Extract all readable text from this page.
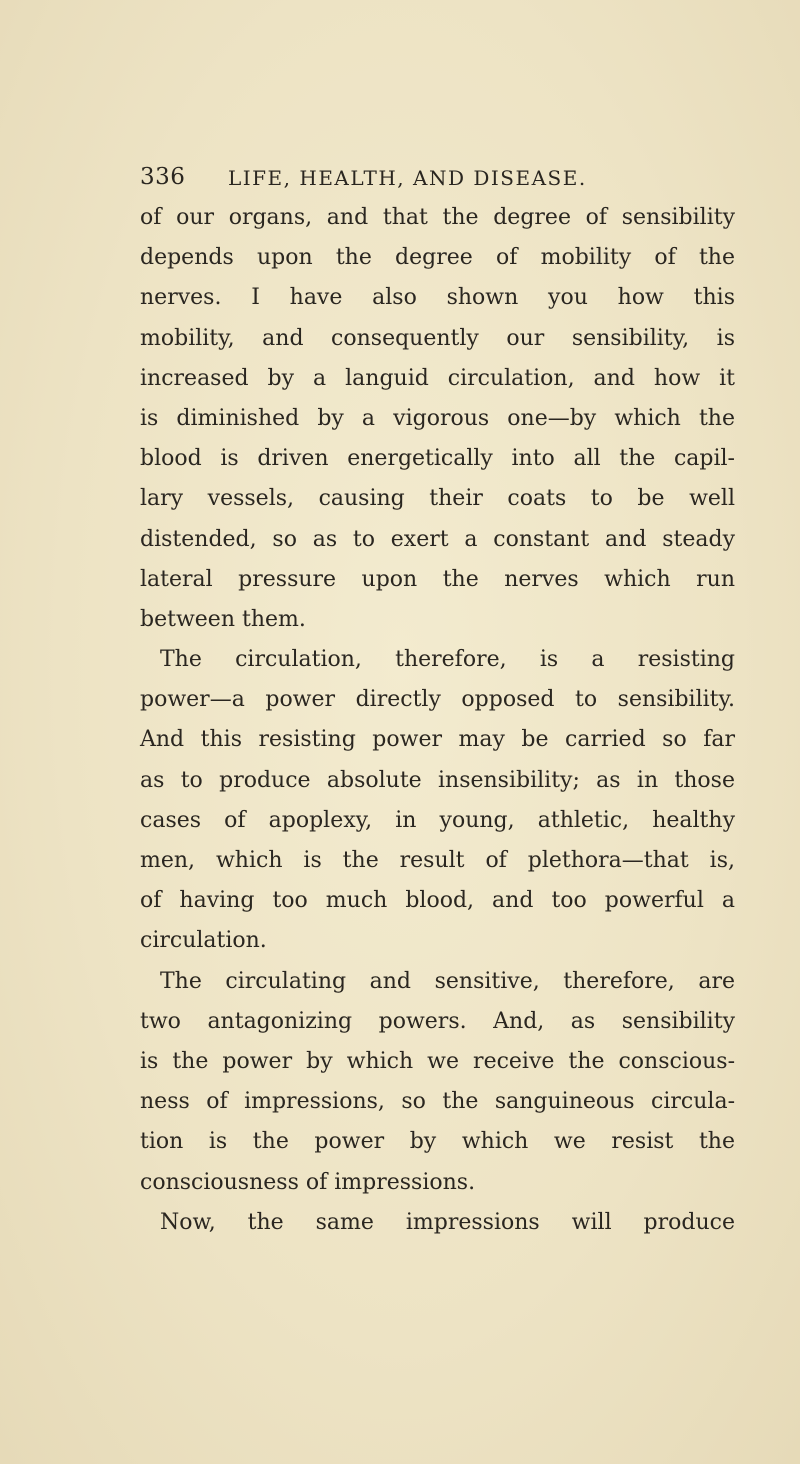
336 LIFE, HEALTH, AND DISEASE.
of our organs, and that the degree of sensibility
depends upon the degree of mobility of the
nerves. I have also shown you how this
mobility, and consequently our sensibility, is
increased by a languid circulation, and how it
is diminished by a vigorous one—by which the
blood is driven energetically into all the capil-
lary vessels, causing their coats to be well
distended, so as to exert a constant and steady
lateral pressure upon the nerves which run
between them.
The circulation, therefore, is a resisting
power—a power directly opposed to sensibility.
And this resisting power may be carried so far
as to produce absolute insensibility; as in those
cases of apoplexy, in young, athletic, healthy
men, which is the result of plethora—that is,
of having too much blood, and too powerful a
circulation.
The circulating and sensitive, therefore, are
two antagonizing powers. And, as sensibility
is the power by which we receive the conscious-
ness of impressions, so the sanguineous circula-
tion is the power by which we resist the
consciousness of impressions.
Now, the same impressions will produce
